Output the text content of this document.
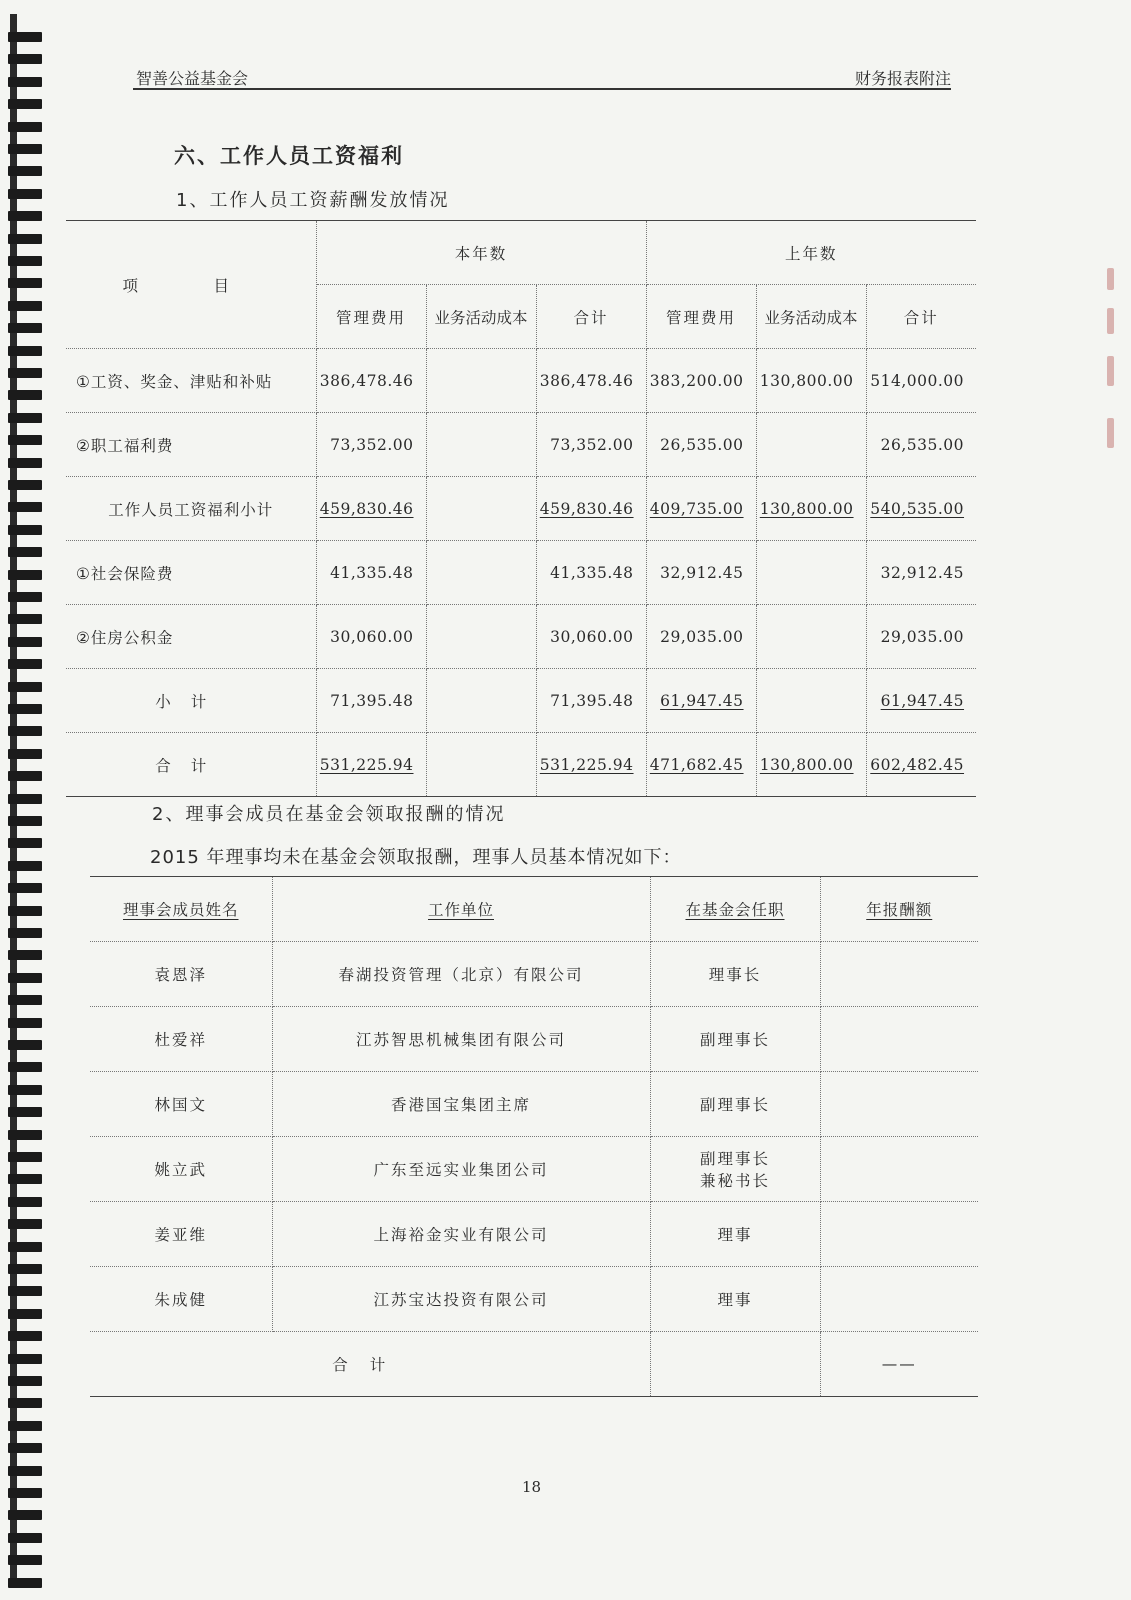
智善公益基金会	财务报表附注
六、工作人员工资福利
1、工作人员工资薪酬发放情况
项　目	本年数			上年数		
	管理费用	业务活动成本	合计	管理费用	业务活动成本	合计
①工资、奖金、津贴和补贴	386,478.46		386,478.46	383,200.00	130,800.00	514,000.00
②职工福利费	73,352.00		73,352.00	26,535.00		26,535.00
工作人员工资福利小计	459,830.46		459,830.46	409,735.00	130,800.00	540,535.00
①社会保险费	41,335.48		41,335.48	32,912.45		32,912.45
②住房公积金	30,060.00		30,060.00	29,035.00		29,035.00
小计	71,395.48		71,395.48	61,947.45		61,947.45
合计	531,225.94		531,225.94	471,682.45	130,800.00	602,482.45
2、理事会成员在基金会领取报酬的情况
2015 年理事均未在基金会领取报酬，理事人员基本情况如下：
理事会成员姓名	工作单位	在基金会任职	年报酬额
袁恩泽	春湖投资管理（北京）有限公司	理事长	
杜爱祥	江苏智思机械集团有限公司	副理事长	
林国文	香港国宝集团主席	副理事长	
姚立武	广东至远实业集团公司	副理事长
兼秘书长	

姜亚维	上海裕金实业有限公司	理事	
朱成健	江苏宝达投资有限公司	理事	
合计			——
18
